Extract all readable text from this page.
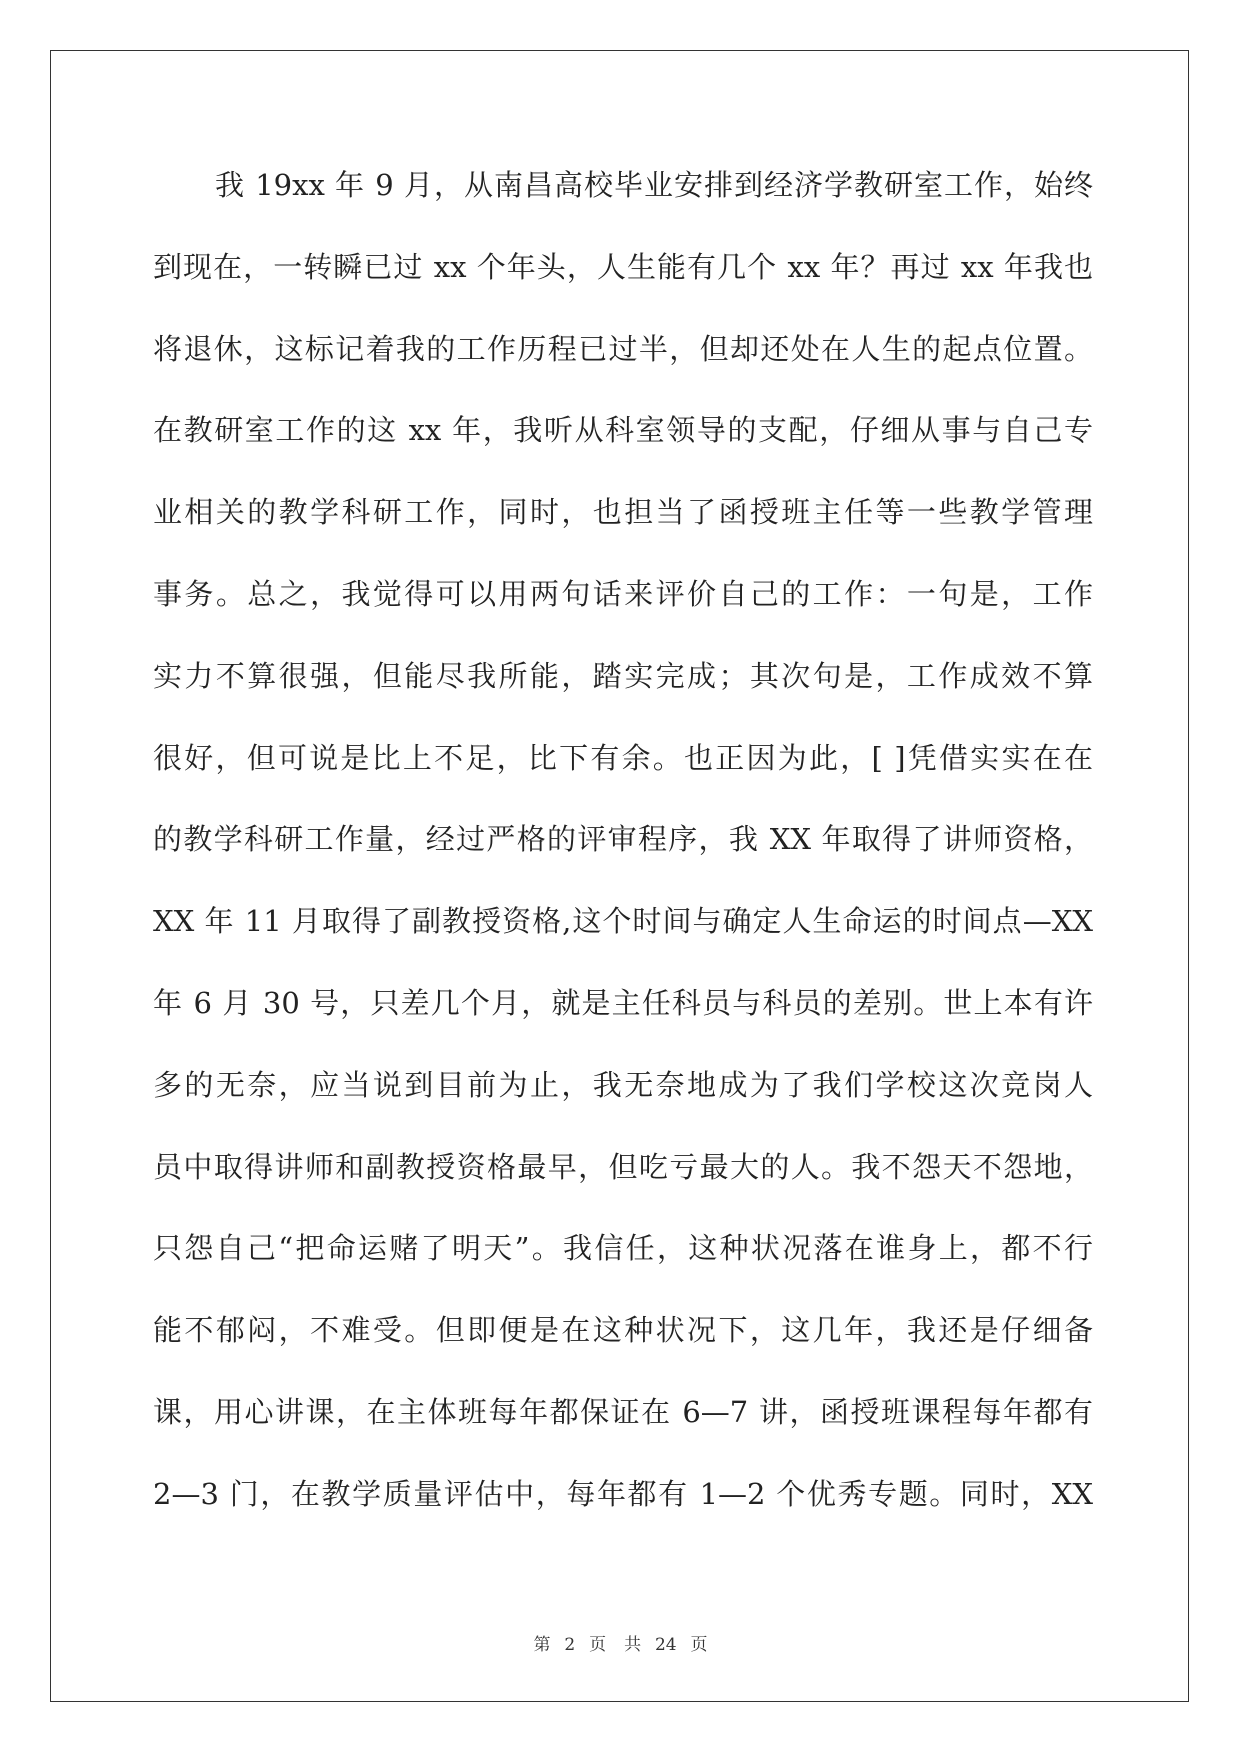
我 19xx 年 9 月，从南昌高校毕业安排到经济学教研室工作，始终
到现在，一转瞬已过 xx 个年头，人生能有几个 xx 年？再过 xx 年我也
将退休，这标记着我的工作历程已过半，但却还处在人生的起点位置。
在教研室工作的这 xx 年，我听从科室领导的支配，仔细从事与自己专
业相关的教学科研工作，同时，也担当了函授班主任等一些教学管理
事务。总之，我觉得可以用两句话来评价自己的工作：一句是，工作
实力不算很强，但能尽我所能，踏实完成；其次句是，工作成效不算
很好，但可说是比上不足，比下有余。也正因为此，[ ]凭借实实在在
的教学科研工作量，经过严格的评审程序，我 XX 年取得了讲师资格，
XX 年 11 月取得了副教授资格,这个时间与确定人生命运的时间点—XX
年 6 月 30 号，只差几个月，就是主任科员与科员的差别。世上本有许
多的无奈，应当说到目前为止，我无奈地成为了我们学校这次竞岗人
员中取得讲师和副教授资格最早，但吃亏最大的人。我不怨天不怨地，
只怨自己“把命运赌了明天”。我信任，这种状况落在谁身上，都不行
能不郁闷，不难受。但即便是在这种状况下，这几年，我还是仔细备
课，用心讲课，在主体班每年都保证在 6—7 讲，函授班课程每年都有
2—3 门，在教学质量评估中，每年都有 1—2 个优秀专题。同时，XX
第 2 页 共 24 页
